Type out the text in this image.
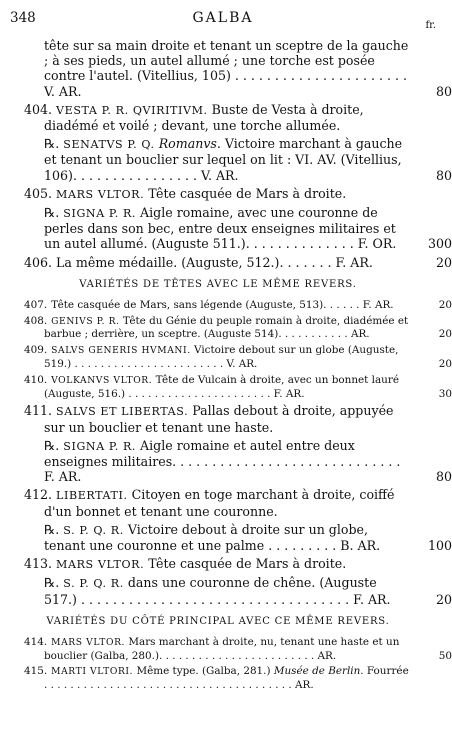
348	GALBA	fr.
tête sur sa main droite et tenant un sceptre de la gauche ; à ses pieds, un autel allumé ; une torche est posée contre l'autel. (Vitellius, 105) . . . . . . . . . . . . . . . . . . . . . . V. AR.	80
404. VESTA P. R. QVIRITIVM. Buste de Vesta à droite, diadémé et voilé ; devant, une torche allumée.
℞. SENATVS P. Q. Romanvs. Victoire marchant à gauche et tenant un bouclier sur lequel on lit : VI. AV. (Vitellius, 106). . . . . . . . . . . . . . . . V. AR.	80
405. MARS VLTOR. Tête casquée de Mars à droite.
℞. SIGNA P. R. Aigle romaine, avec une couronne de perles dans son bec, entre deux enseignes militaires et un autel allumé. (Auguste 511.). . . . . . . . . . . . . . F. OR.	300
406. La même médaille. (Auguste, 512.). . . . . . . F. AR.	20
VARIÉTÉS DE TÊTES AVEC LE MÊME REVERS.
407. Tête casquée de Mars, sans légende (Auguste, 513). . . . . . F. AR.	20
408. GENIVS P. R. Tête du Génie du peuple romain à droite, diadémée et barbue ; derrière, un sceptre. (Auguste 514). . . . . . . . . . . AR.	20
409. SALVS GENERIS HVMANI. Victoire debout sur un globe (Auguste, 519.) . . . . . . . . . . . . . . . . . . . . . . . V. AR.	20
410. VOLKANVS VLTOR. Tête de Vulcain à droite, avec un bonnet lauré (Auguste, 516.) . . . . . . . . . . . . . . . . . . . . . . F. AR.	30
411. SALVS ET LIBERTAS. Pallas debout à droite, appuyée sur un bouclier et tenant une haste.
℞. SIGNA P. R. Aigle romaine et autel entre deux enseignes militaires. . . . . . . . . . . . . . . . . . . . . . . . . . . . . F. AR.	80
412. LIBERTATI. Citoyen en toge marchant à droite, coiffé d'un bonnet et tenant une couronne.
℞. S. P. Q. R. Victoire debout à droite sur un globe, tenant une couronne et une palme . . . . . . . . . B. AR.	100
413. MARS VLTOR. Tête casquée de Mars à droite.
℞. S. P. Q. R. dans une couronne de chêne. (Auguste 517.) . . . . . . . . . . . . . . . . . . . . . . . . . . . . . . . . . . F. AR.	20
VARIÉTÉS DU CÔTÉ PRINCIPAL AVEC CE MÊME REVERS.
414. MARS VLTOR. Mars marchant à droite, nu, tenant une haste et un bouclier (Galba, 280.). . . . . . . . . . . . . . . . . . . . . . . . AR.	50
415. MARTI VLTORI. Même type. (Galba, 281.) Musée de Berlin. Fourrée . . . . . . . . . . . . . . . . . . . . . . . . . . . . . . . . . . . . . . AR.
